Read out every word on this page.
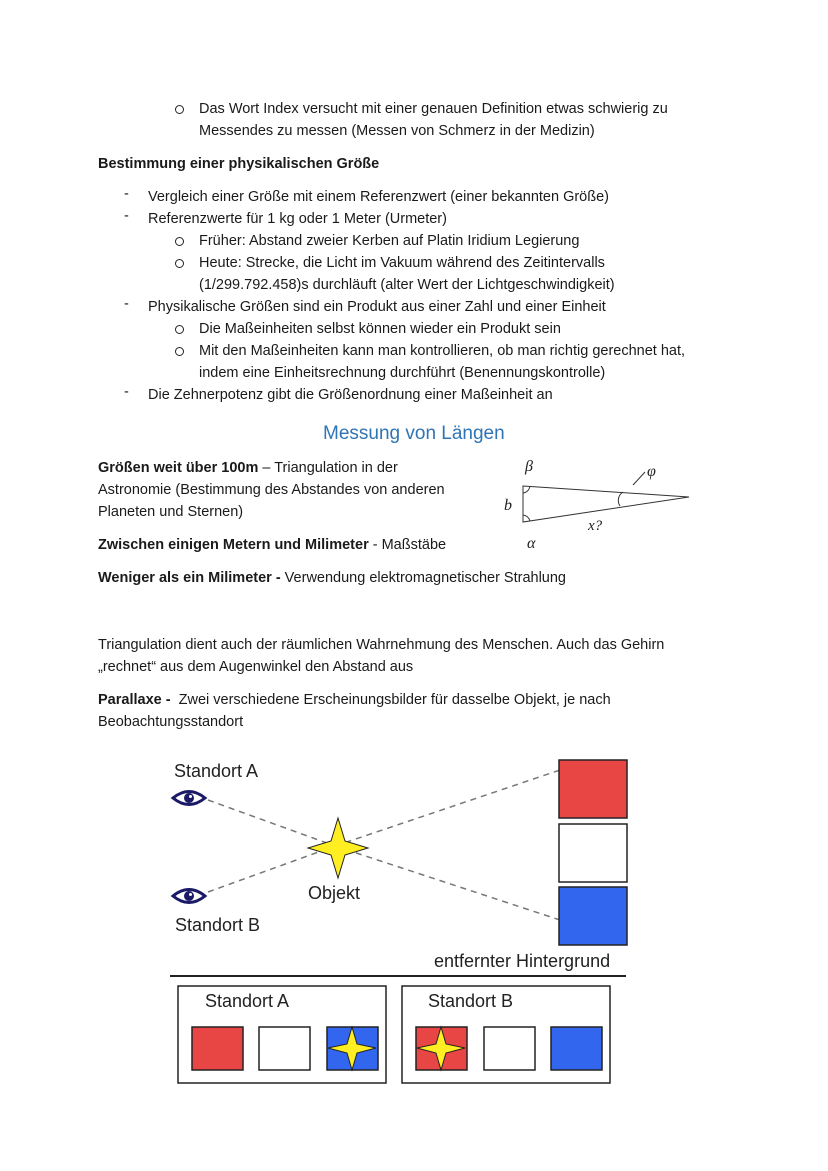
Das Wort Index versucht mit einer genauen Definition etwas schwierig zu
Messendes zu messen (Messen von Schmerz in der Medizin)
Bestimmung einer physikalischen Größe
- Vergleich einer Größe mit einem Referenzwert (einer bekannten Größe)
- Referenzwerte für 1 kg oder 1 Meter (Urmeter)
Früher: Abstand zweier Kerben auf Platin Iridium Legierung
Heute: Strecke, die Licht im Vakuum während des Zeitintervalls
(1/299.792.458)s durchläuft (alter Wert der Lichtgeschwindigkeit)
- Physikalische Größen sind ein Produkt aus einer Zahl und einer Einheit
Die Maßeinheiten selbst können wieder ein Produkt sein
Mit den Maßeinheiten kann man kontrollieren, ob man richtig gerechnet hat,
indem eine Einheitsrechnung durchführt (Benennungskontrolle)
- Die Zehnerpotenz gibt die Größenordnung einer Maßeinheit an
Messung von Längen
Größen weit über 100m – Triangulation in der
Astronomie (Bestimmung des Abstandes von anderen
Planeten und Sternen)
Zwischen einigen Metern und Milimeter - Maßstäbe
Weniger als ein Milimeter - Verwendung elektromagnetischer Strahlung
β	φ
b
x?
α
Triangulation dient auch der räumlichen Wahrnehmung des Menschen. Auch das Gehirn
„rechnet“ aus dem Augenwinkel den Abstand aus
Parallaxe -  Zwei verschiedene Erscheinungsbilder für dasselbe Objekt, je nach
Beobachtungsstandort
Standort A
Standort B
Objekt
entfernter Hintergrund
Standort A	Standort B
